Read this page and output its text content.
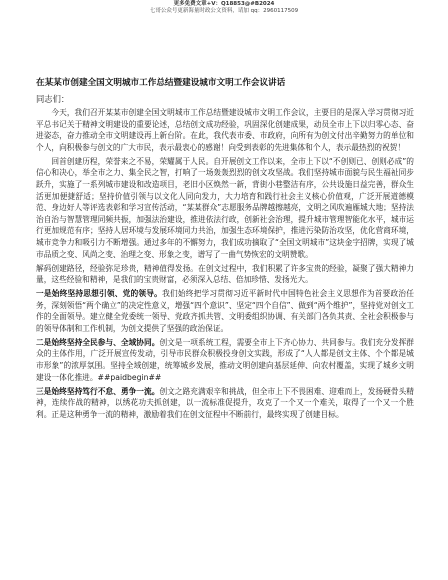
更多免费文章+V：Q18853@#B2024
七哥公众号更新海量时政公文资料，请加 qq：2960117509
在某某市创建全国文明城市工作总结暨建设城市文明工作会议讲话
同志们：

今天，我们召开某某市创建全国文明城市工作总结暨建设城市文明工作会议，主要目的是深入学习贯彻习近平总书记关于精神文明建设的重要论述，总结创文成功经验，巩固深化创建成果，动员全市上下以归零心态、奋进姿态，奋力推动全市文明建设再上新台阶。在此，我代表市委、市政府，向所有为创文付出辛勤努力的单位和个人，向积极参与创文的广大市民，表示最衷心的感谢！向受到表彰的先进集体和个人，表示最热烈的祝贺！

回首创建历程，荣誉来之不易，荣耀属于人民。自开展创文工作以来，全市上下以“不创则已、创则必成”的信心和决心，举全市之力、集全民之智，打响了一场轰轰烈烈的创文攻坚战。我们坚持城市面貌与民生福祉同步跃升，实施了一系列城市建设和改造项目，老旧小区焕然一新，背街小巷整洁有序，公共设施日益完善，群众生活更加便捷舒适；坚持价值引领与以文化人同向发力，大力培育和践行社会主义核心价值观，广泛开展道德模范、身边好人等评选表彰和学习宣传活动，“某某群众”志愿服务品牌越擦越亮，文明之风吹遍雁城大地；坚持法治自治与智慧管理同频共振，加强法治建设，推进依法行政，创新社会治理，提升城市管理智能化水平，城市运行更加规范有序；坚持人居环境与发展环境同力共治，加强生态环境保护，推进污染防治攻坚，优化营商环境，城市竞争力和吸引力不断增强。通过多年的不懈努力，我们成功摘取了“全国文明城市”这块金字招牌，实现了城市品质之变、风尚之变、治理之变、形象之变，谱写了一曲气势恢宏的文明赞歌。

解码创建路径，经验弥足珍贵，精神值得发扬。在创文过程中，我们积累了许多宝贵的经验，凝聚了强大精神力量，这些经验和精神，是我们的宝贵财富，必须深入总结、倍加珍惜、发扬光大。

一是始终坚持思想引领、党的领导。我们始终把学习贯彻习近平新时代中国特色社会主义思想作为首要政治任务，深刻领悟“两个确立”的决定性意义，增强“四个意识”、坚定“四个自信”、做到“两个维护”，坚持党对创文工作的全面领导。建立健全党委统一领导、党政齐抓共管、文明委组织协调、有关部门各负其责、全社会积极参与的领导体制和工作机制，为创文提供了坚强的政治保证。

二是始终坚持全民参与、全域协同。创文是一项系统工程，需要全市上下齐心协力、共同参与。我们充分发挥群众的主体作用，广泛开展宣传发动，引导市民群众积极投身创文实践，形成了“人人都是创文主体、个个都是城市形象”的浓厚氛围。坚持全域创建，统筹城乡发展，推动文明创建向基层延伸、向农村覆盖，实现了城乡文明建设一体化推进。##paidbegin##

三是始终坚持笃行不怠、勇争一流。创文之路充满艰辛和挑战，但全市上下不畏困难、迎难而上，发扬硬骨头精神，连续作战的精神，以绣花功夫抓创建，以一流标准促提升，攻克了一个又一个难关，取得了一个又一个胜利。正是这种勇争一流的精神，激励着我们在创文征程中不断前行，最终实现了创建目标。
